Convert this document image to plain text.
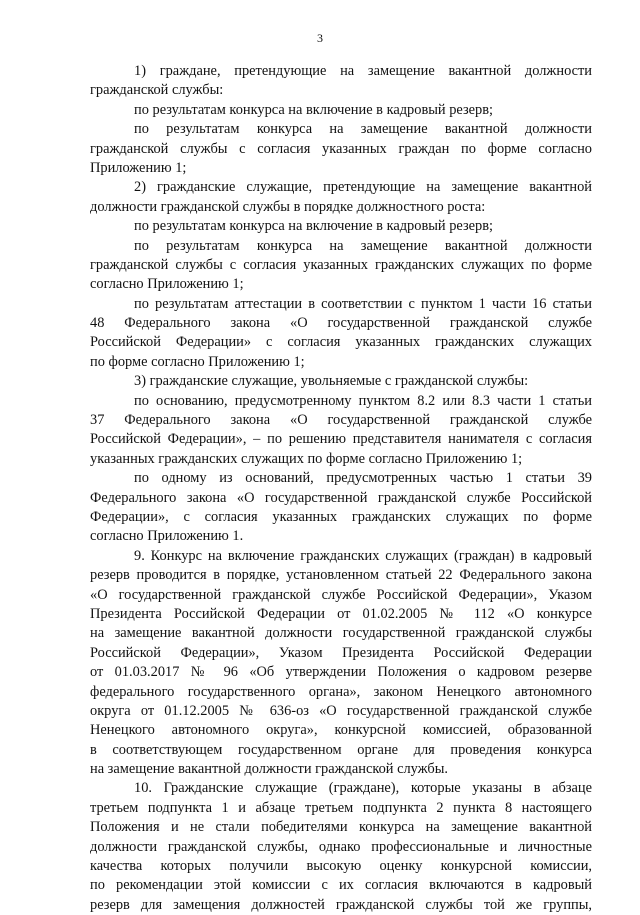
3
1) граждане, претендующие на замещение вакантной должности
гражданской службы:
по результатам конкурса на включение в кадровый резерв;
по результатам конкурса на замещение вакантной должности
гражданской службы с согласия указанных граждан по форме согласно
Приложению 1;
2) гражданские служащие, претендующие на замещение вакантной
должности гражданской службы в порядке должностного роста:
по результатам конкурса на включение в кадровый резерв;
по результатам конкурса на замещение вакантной должности
гражданской службы с согласия указанных гражданских служащих по форме
согласно Приложению 1;
по результатам аттестации в соответствии с пунктом 1 части 16 статьи
48 Федерального закона «О государственной гражданской службе
Российской Федерации» с согласия указанных гражданских служащих
по форме согласно Приложению 1;
3) гражданские служащие, увольняемые с гражданской службы:
по основанию, предусмотренному пунктом 8.2 или 8.3 части 1 статьи
37 Федерального закона «О государственной гражданской службе
Российской Федерации», – по решению представителя нанимателя с согласия
указанных гражданских служащих по форме согласно Приложению 1;
по одному из оснований, предусмотренных частью 1 статьи 39
Федерального закона «О государственной гражданской службе Российской
Федерации», с согласия указанных гражданских служащих по форме
согласно Приложению 1.
9. Конкурс на включение гражданских служащих (граждан) в кадровый
резерв проводится в порядке, установленном статьей 22 Федерального закона
«О государственной гражданской службе Российской Федерации», Указом
Президента Российской Федерации от 01.02.2005 № 112 «О конкурсе
на замещение вакантной должности государственной гражданской службы
Российской Федерации», Указом Президента Российской Федерации
от 01.03.2017 № 96 «Об утверждении Положения о кадровом резерве
федерального государственного органа», законом Ненецкого автономного
округа от 01.12.2005 № 636-оз «О государственной гражданской службе
Ненецкого автономного округа», конкурсной комиссией, образованной
в соответствующем государственном органе для проведения конкурса
на замещение вакантной должности гражданской службы.
10. Гражданские служащие (граждане), которые указаны в абзаце
третьем подпункта 1 и абзаце третьем подпункта 2 пункта 8 настоящего
Положения и не стали победителями конкурса на замещение вакантной
должности гражданской службы, однако профессиональные и личностные
качества которых получили высокую оценку конкурсной комиссии,
по рекомендации этой комиссии с их согласия включаются в кадровый
резерв для замещения должностей гражданской службы той же группы,
